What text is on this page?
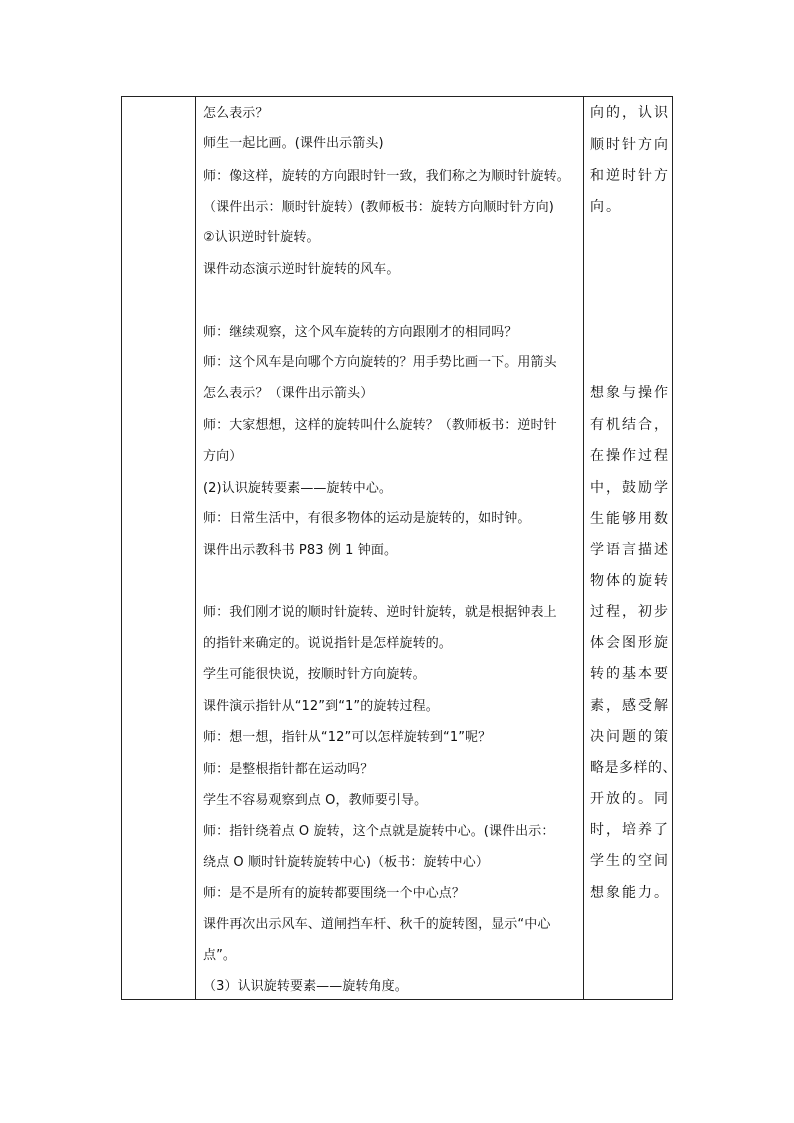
怎么表示？
师生一起比画。(课件出示箭头)
师：像这样，旋转的方向跟时针一致，我们称之为顺时针旋转。
（课件出示：顺时针旋转）(教师板书：旋转方向顺时针方向)
②认识逆时针旋转。
课件动态演示逆时针旋转的风车。
师：继续观察，这个风车旋转的方向跟刚才的相同吗？
师：这个风车是向哪个方向旋转的？用手势比画一下。用箭头
怎么表示？（课件出示箭头）
师：大家想想，这样的旋转叫什么旋转？（教师板书：逆时针
方向）
(2)认识旋转要素——旋转中心。
师：日常生活中，有很多物体的运动是旋转的，如时钟。
课件出示教科书 P83 例 1 钟面。
师：我们刚才说的顺时针旋转、逆时针旋转，就是根据钟表上
的指针来确定的。说说指针是怎样旋转的。
学生可能很快说，按顺时针方向旋转。
课件演示指针从“12”到“1”的旋转过程。
师：想一想，指针从“12”可以怎样旋转到“1”呢？
师：是整根指针都在运动吗？
学生不容易观察到点 O，教师要引导。
师：指针绕着点 O 旋转，这个点就是旋转中心。(课件出示：
绕点 O 顺时针旋转旋转中心)（板书：旋转中心）
师：是不是所有的旋转都要围绕一个中心点？
课件再次出示风车、道闸挡车杆、秋千的旋转图，显示“中心
点”。
（3）认识旋转要素——旋转角度。
向的，认识
顺时针方向
和逆时针方
向。
想象与操作
有机结合，
在操作过程
中，鼓励学
生能够用数
学语言描述
物体的旋转
过程，初步
体会图形旋
转的基本要
素，感受解
决问题的策
略是多样的、
开放的。同
时，培养了
学生的空间
想象能力。
